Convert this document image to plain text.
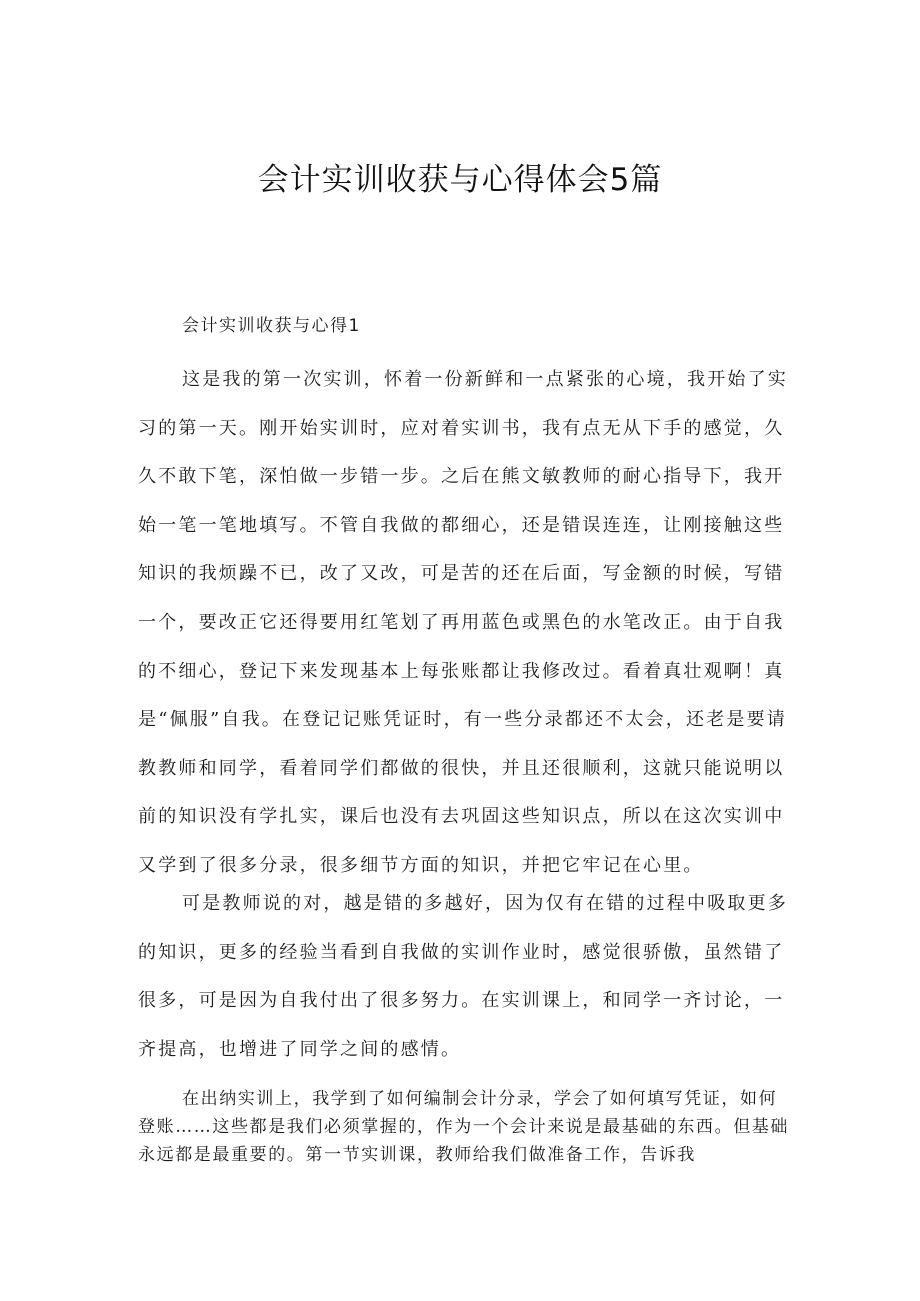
会计实训收获与心得体会5篇
会计实训收获与心得1

这是我的第一次实训，怀着一份新鲜和一点紧张的心境，我开始了实习的第一天。刚开始实训时，应对着实训书，我有点无从下手的感觉，久久不敢下笔，深怕做一步错一步。之后在熊文敏教师的耐心指导下，我开始一笔一笔地填写。不管自我做的都细心，还是错误连连，让刚接触这些知识的我烦躁不已，改了又改，可是苦的还在后面，写金额的时候，写错一个，要改正它还得要用红笔划了再用蓝色或黑色的水笔改正。由于自我的不细心，登记下来发现基本上每张账都让我修改过。看着真壮观啊！真是“佩服”自我。在登记记账凭证时，有一些分录都还不太会，还老是要请教教师和同学，看着同学们都做的很快，并且还很顺利，这就只能说明以前的知识没有学扎实，课后也没有去巩固这些知识点，所以在这次实训中又学到了很多分录，很多细节方面的知识，并把它牢记在心里。

可是教师说的对，越是错的多越好，因为仅有在错的过程中吸取更多的知识，更多的经验当看到自我做的实训作业时，感觉很骄傲，虽然错了很多，可是因为自我付出了很多努力。在实训课上，和同学一齐讨论，一齐提高，也增进了同学之间的感情。

在出纳实训上，我学到了如何编制会计分录，学会了如何填写凭证，如何登账……这些都是我们必须掌握的，作为一个会计来说是最基础的东西。但基础永远都是最重要的。第一节实训课，教师给我们做准备工作，告诉我
